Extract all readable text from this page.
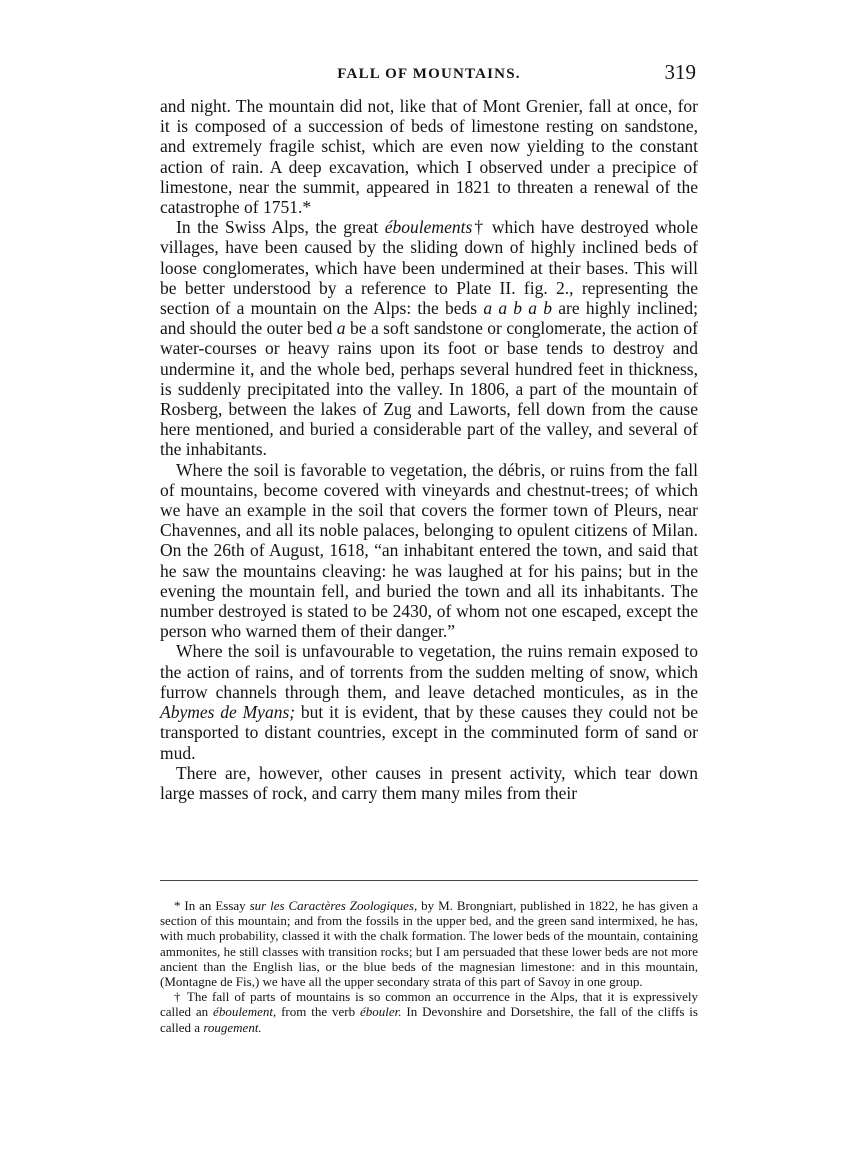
FALL OF MOUNTAINS.	319

and night. The mountain did not, like that of Mont Grenier, fall at once, for it is composed of a succession of beds of limestone resting on sandstone, and extremely fragile schist, which are even now yielding to the constant action of rain. A deep excavation, which I observed under a precipice of limestone, near the summit, appeared in 1821 to threaten a renewal of the catastrophe of 1751.*

In the Swiss Alps, the great éboulements† which have destroyed whole villages, have been caused by the sliding down of highly inclined beds of loose conglomerates, which have been undermined at their bases. This will be better understood by a reference to Plate II. fig. 2., representing the section of a mountain on the Alps: the beds a a b a b are highly inclined; and should the outer bed a be a soft sandstone or conglomerate, the action of water-courses or heavy rains upon its foot or base tends to destroy and undermine it, and the whole bed, perhaps several hundred feet in thickness, is suddenly precipitated into the valley. In 1806, a part of the mountain of Rosberg, between the lakes of Zug and Laworts, fell down from the cause here mentioned, and buried a considerable part of the valley, and several of the inhabitants.

Where the soil is favorable to vegetation, the débris, or ruins from the fall of mountains, become covered with vineyards and chestnut-trees; of which we have an example in the soil that covers the former town of Pleurs, near Chavennes, and all its noble palaces, belonging to opulent citizens of Milan. On the 26th of August, 1618, “an inhabitant entered the town, and said that he saw the mountains cleaving: he was laughed at for his pains; but in the evening the mountain fell, and buried the town and all its inhabitants. The number destroyed is stated to be 2430, of whom not one escaped, except the person who warned them of their danger.”

Where the soil is unfavourable to vegetation, the ruins remain exposed to the action of rains, and of torrents from the sudden melting of snow, which furrow channels through them, and leave detached monticules, as in the Abymes de Myans; but it is evident, that by these causes they could not be transported to distant countries, except in the comminuted form of sand or mud.

There are, however, other causes in present activity, which tear down large masses of rock, and carry them many miles from their

* In an Essay sur les Caractères Zoologiques, by M. Brongniart, published in 1822, he has given a section of this mountain; and from the fossils in the upper bed, and the green sand intermixed, he has, with much probability, classed it with the chalk formation. The lower beds of the mountain, containing ammonites, he still classes with transition rocks; but I am persuaded that these lower beds are not more ancient than the English lias, or the blue beds of the magnesian limestone: and in this mountain, (Montagne de Fis,) we have all the upper secondary strata of this part of Savoy in one group.

† The fall of parts of mountains is so common an occurrence in the Alps, that it is expressively called an éboulement, from the verb ébouler. In Devonshire and Dorsetshire, the fall of the cliffs is called a rougement.
